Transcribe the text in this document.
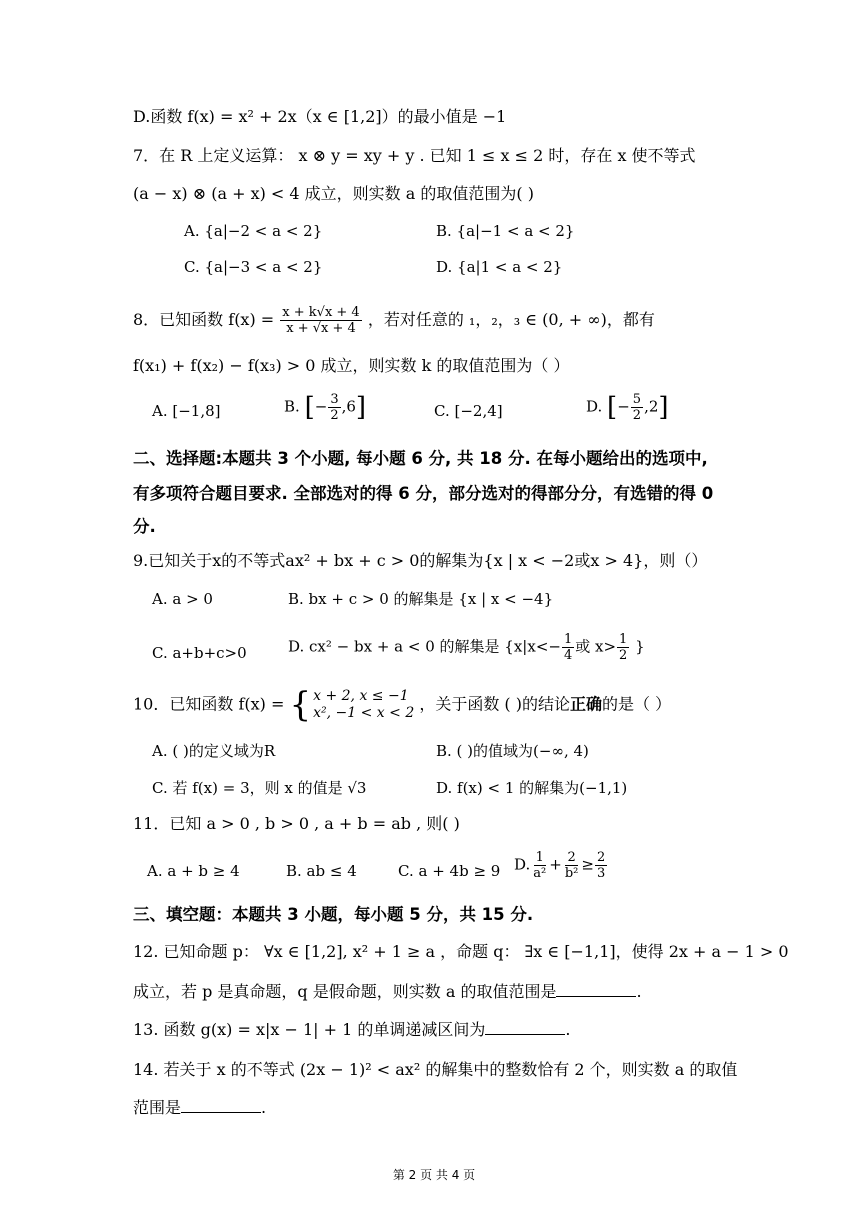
D.函数 f(x) = x² + 2x（x ∈ [1,2]）的最小值是 −1
7．在 R 上定义运算： x ⊗ y = xy + y . 已知 1 ≤ x ≤ 2 时，存在 x 使不等式
(a − x) ⊗ (a + x) < 4 成立，则实数 a 的取值范围为( )
A. {a|−2 < a < 2}	B. {a|−1 < a < 2}
C. {a|−3 < a < 2}	D. {a|1 < a < 2}
8．已知函数 $f(x) = \frac{x + k√x + 4}{x + √x + 4}$ ，若对任意的 ₁，₂，₃ ∈ (0, + ∞)，都有
f(x₁) + f(x₂) − f(x₃) > 0 成立，则实数 k 的取值范围为（ ）
A. [−1,8]	B. [− $\frac{3}{2} ,6$]	C. [−2,4]	D. [− $\frac{5}{2} ,2$]
二、选择题:本题共 3 个小题, 每小题 6 分, 共 18 分. 在每小题给出的选项中,
有多项符合题目要求. 全部选对的得 6 分，部分选对的得部分分，有选错的得 0
分.
9.已知关于x的不等式ax² + bx + c > 0的解集为{x | x < −2或x > 4}，则（）
A. a > 0	B. bx + c > 0 的解集是 {x | x < −4}
C. a+b+c>0	D. cx² − bx + a < 0 的解集是 {$x|x<- \frac{1}{4}$ 或 $x> \frac{1}{2}$ }
10．已知函数 f(x) = { x + 2, x ≤ −1
x², −1 < x < 2 ，关于函数 ( )的结论正确的是（ ）
A. ( )的定义域为R	B. ( )的值域为(−∞, 4)
C. 若 f(x) = 3，则 x 的值是 √3	D. f(x) < 1 的解集为(−1,1)
11．已知 a > 0 , b > 0 , a + b = ab , 则( )
A. a + b ≥ 4	B. ab ≤ 4	C. a + 4b ≥ 9 D. $\frac{1}{\text{a²}} + \frac{2}{\text{b²}} \ge \frac{2}{3}$
三、填空题：本题共 3 小题，每小题 5 分，共 15 分.
12. 已知命题 p： ∀x ∈ [1,2], x² + 1 ≥ a ，命题 q： ∃x ∈ [−1,1]，使得 2x + a − 1 > 0
成立，若 p 是真命题，q 是假命题，则实数 a 的取值范围是	.
13. 函数 g(x) = x|x − 1| + 1 的单调递减区间为	.
14. 若关于 x 的不等式 (2x − 1)² < ax² 的解集中的整数恰有 2 个，则实数 a 的取值
范围是	.
第 2 页 共 4 页
